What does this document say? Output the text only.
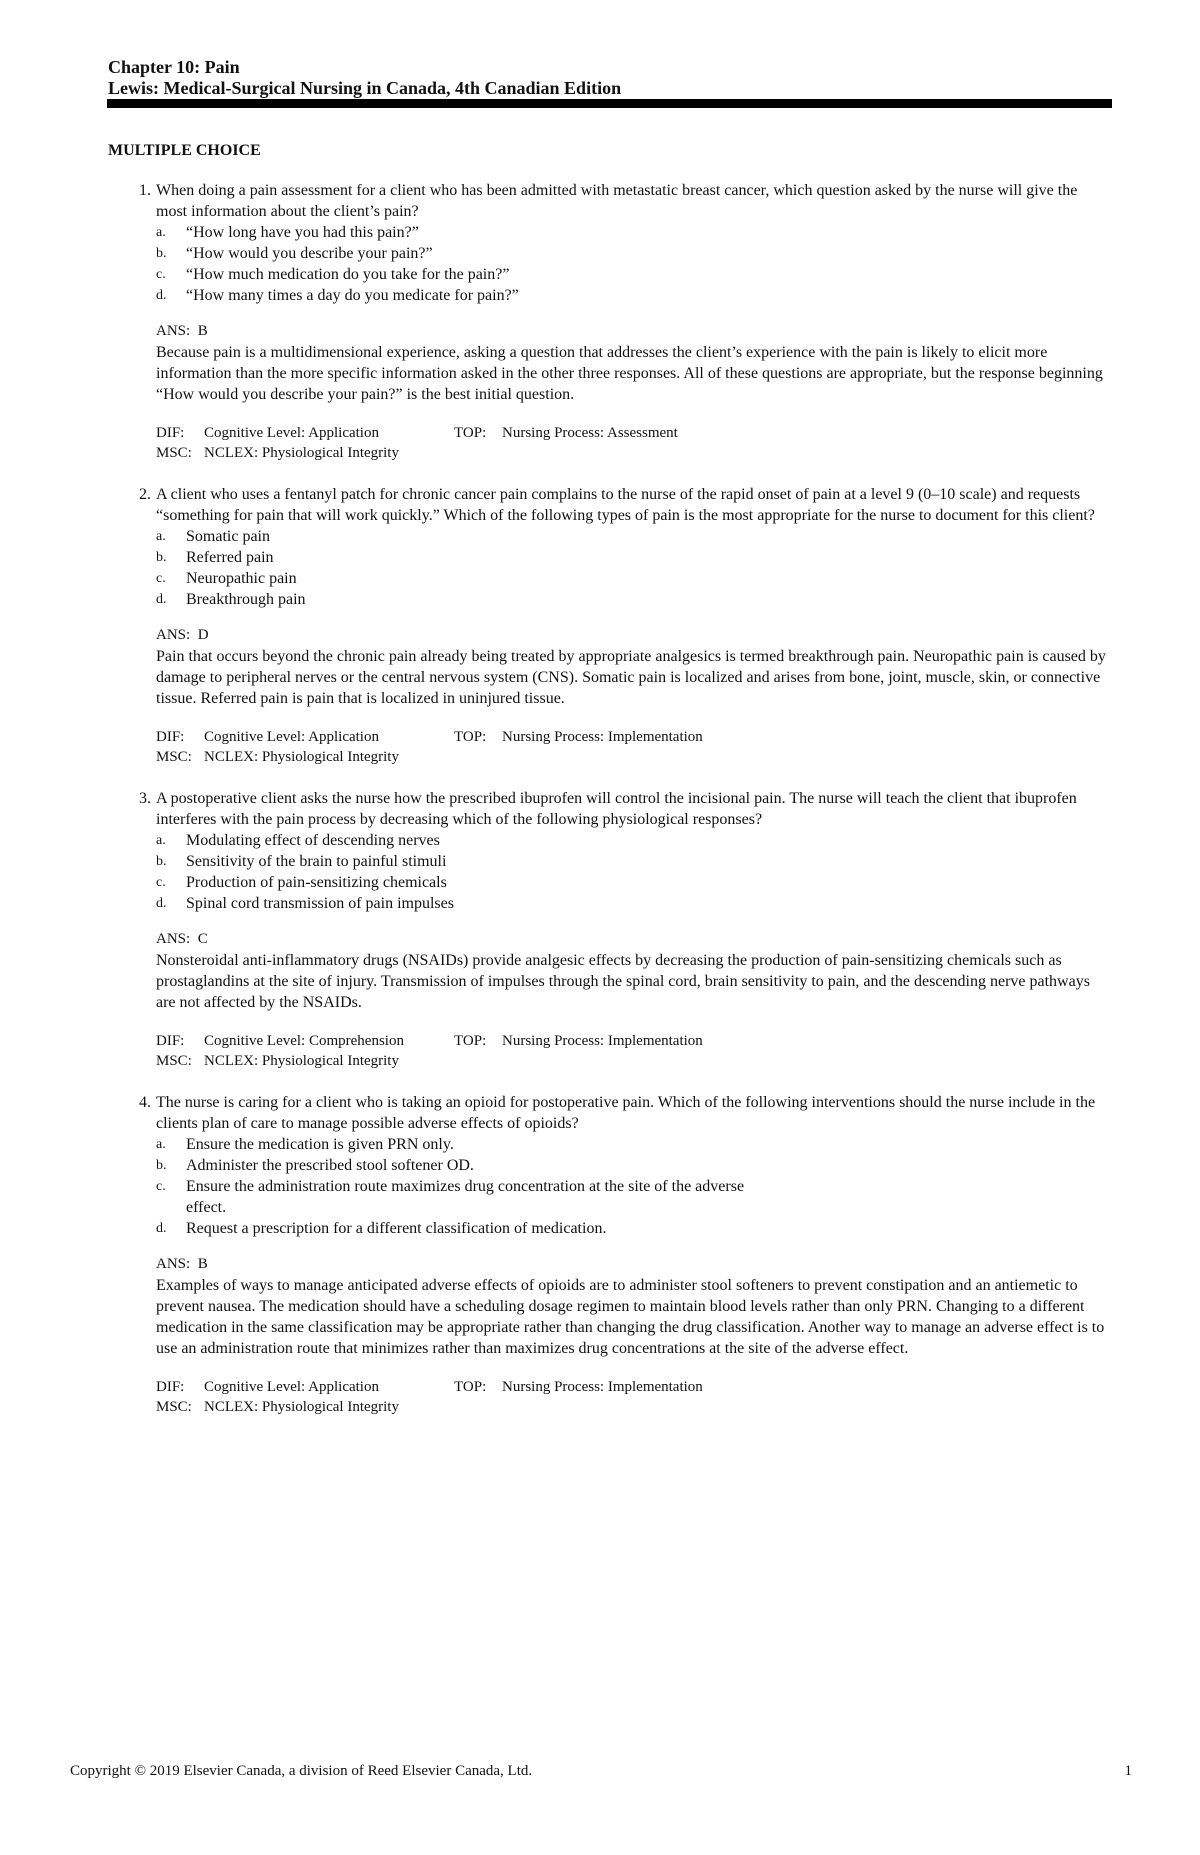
Chapter 10: Pain
Lewis: Medical-Surgical Nursing in Canada, 4th Canadian Edition
MULTIPLE CHOICE
1. When doing a pain assessment for a client who has been admitted with metastatic breast cancer, which question asked by the nurse will give the most information about the client’s pain?
a.	“How long have you had this pain?”
b.	“How would you describe your pain?”
c.	“How much medication do you take for the pain?”
d.	“How many times a day do you medicate for pain?”
ANS: B
Because pain is a multidimensional experience, asking a question that addresses the client’s experience with the pain is likely to elicit more information than the more specific information asked in the other three responses. All of these questions are appropriate, but the response beginning “How would you describe your pain?” is the best initial question.
DIF:	Cognitive Level: Application	TOP:	Nursing Process: Assessment
MSC: NCLEX: Physiological Integrity
2. A client who uses a fentanyl patch for chronic cancer pain complains to the nurse of the rapid onset of pain at a level 9 (0–10 scale) and requests “something for pain that will work quickly.” Which of the following types of pain is the most appropriate for the nurse to document for this client?
a.	Somatic pain
b.	Referred pain
c.	Neuropathic pain
d.	Breakthrough pain
ANS: D
Pain that occurs beyond the chronic pain already being treated by appropriate analgesics is termed breakthrough pain. Neuropathic pain is caused by damage to peripheral nerves or the central nervous system (CNS). Somatic pain is localized and arises from bone, joint, muscle, skin, or connective tissue. Referred pain is pain that is localized in uninjured tissue.
DIF:	Cognitive Level: Application	TOP:	Nursing Process: Implementation
MSC: NCLEX: Physiological Integrity
3. A postoperative client asks the nurse how the prescribed ibuprofen will control the incisional pain. The nurse will teach the client that ibuprofen interferes with the pain process by decreasing which of the following physiological responses?
a.	Modulating effect of descending nerves
b.	Sensitivity of the brain to painful stimuli
c.	Production of pain-sensitizing chemicals
d.	Spinal cord transmission of pain impulses
ANS: C
Nonsteroidal anti-inflammatory drugs (NSAIDs) provide analgesic effects by decreasing the production of pain-sensitizing chemicals such as prostaglandins at the site of injury. Transmission of impulses through the spinal cord, brain sensitivity to pain, and the descending nerve pathways are not affected by the NSAIDs.
DIF:	Cognitive Level: Comprehension	TOP:	Nursing Process: Implementation
MSC: NCLEX: Physiological Integrity
4. The nurse is caring for a client who is taking an opioid for postoperative pain. Which of the following interventions should the nurse include in the clients plan of care to manage possible adverse effects of opioids?
a.	Ensure the medication is given PRN only.
b.	Administer the prescribed stool softener OD.
c.	Ensure the administration route maximizes drug concentration at the site of the adverse effect.
d.	Request a prescription for a different classification of medication.
ANS: B
Examples of ways to manage anticipated adverse effects of opioids are to administer stool softeners to prevent constipation and an antiemetic to prevent nausea. The medication should have a scheduling dosage regimen to maintain blood levels rather than only PRN. Changing to a different medication in the same classification may be appropriate rather than changing the drug classification. Another way to manage an adverse effect is to use an administration route that minimizes rather than maximizes drug concentrations at the site of the adverse effect.
DIF:	Cognitive Level: Application	TOP:	Nursing Process: Implementation
MSC: NCLEX: Physiological Integrity
Copyright © 2019 Elsevier Canada, a division of Reed Elsevier Canada, Ltd.	1
